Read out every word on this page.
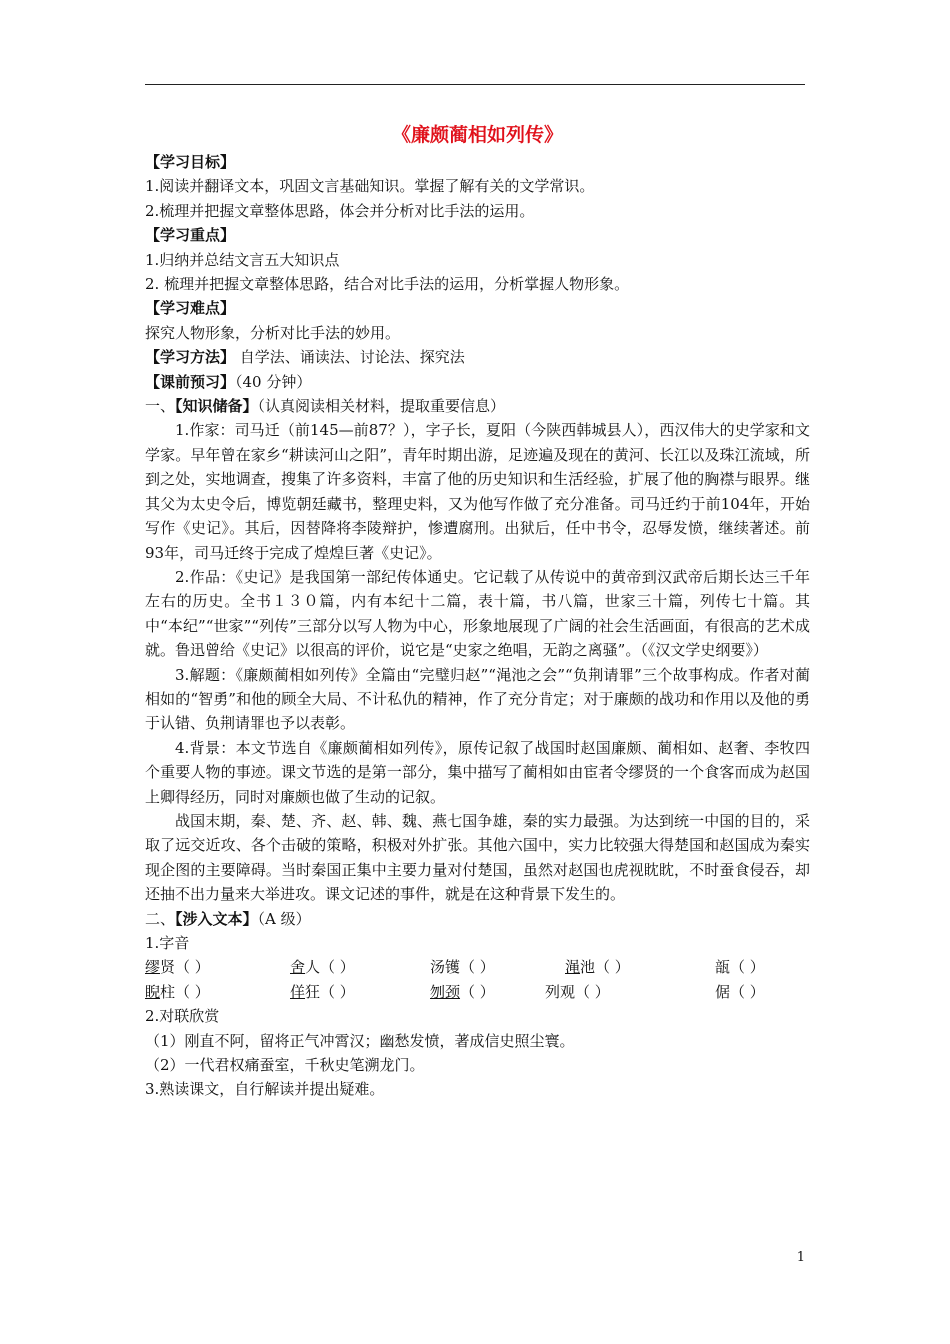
《廉颇蔺相如列传》

【学习目标】

1.阅读并翻译文本，巩固文言基础知识。掌握了解有关的文学常识。

2.梳理并把握文章整体思路，体会并分析对比手法的运用。

【学习重点】

1.归纳并总结文言五大知识点

2. 梳理并把握文章整体思路，结合对比手法的运用，分析掌握人物形象。

【学习难点】

探究人物形象，分析对比手法的妙用。

【学习方法】 自学法、诵读法、讨论法、探究法

【课前预习】（40 分钟）

一、【知识储备】（认真阅读相关材料，提取重要信息）

1.作家：司马迁（前145—前87？），字子长，夏阳（今陕西韩城县人），西汉伟大的史学家和文学家。早年曾在家乡“耕读河山之阳”，青年时期出游，足迹遍及现在的黄河、长江以及珠江流域，所到之处，实地调查，搜集了许多资料，丰富了他的历史知识和生活经验，扩展了他的胸襟与眼界。继其父为太史令后，博览朝廷藏书，整理史料，又为他写作做了充分准备。司马迁约于前104年，开始写作《史记》。其后，因替降将李陵辩护，惨遭腐刑。出狱后，任中书令，忍辱发愤，继续著述。前93年，司马迁终于完成了煌煌巨著《史记》。

2.作品：《史记》是我国第一部纪传体通史。它记载了从传说中的黄帝到汉武帝后期长达三千年左右的历史。全书１３０篇，内有本纪十二篇，表十篇，书八篇，世家三十篇，列传七十篇。其中“本纪”“世家”“列传”三部分以写人物为中心，形象地展现了广阔的社会生活画面，有很高的艺术成就。鲁迅曾给《史记》以很高的评价，说它是“史家之绝唱，无韵之离骚”。（《汉文学史纲要》）

3.解题：《廉颇蔺相如列传》全篇由“完璧归赵”“渑池之会”“负荆请罪”三个故事构成。作者对蔺相如的“智勇”和他的顾全大局、不计私仇的精神，作了充分肯定；对于廉颇的战功和作用以及他的勇于认错、负荆请罪也予以表彰。

4.背景：本文节选自《廉颇蔺相如列传》，原传记叙了战国时赵国廉颇、蔺相如、赵奢、李牧四个重要人物的事迹。课文节选的是第一部分，集中描写了蔺相如由宦者令缪贤的一个食客而成为赵国上卿得经历，同时对廉颇也做了生动的记叙。

战国末期，秦、楚、齐、赵、韩、魏、燕七国争雄，秦的实力最强。为达到统一中国的目的，采取了远交近攻、各个击破的策略，积极对外扩张。其他六国中，实力比较强大得楚国和赵国成为秦实现企图的主要障碍。当时秦国正集中主要力量对付楚国，虽然对赵国也虎视眈眈，不时蚕食侵吞，却还抽不出力量来大举进攻。课文记述的事件，就是在这种背景下发生的。

二、【涉入文本】（A 级）

1.字音

缪贤（ ）	舍人（ ）	汤镬（ ）	渑池（ ）	瓿（ ）
睨柱（ ）	佯狂（ ）	刎颈（ ）	列观（ ）	倨（ ）

2.对联欣赏

（1）刚直不阿，留将正气冲霄汉；幽愁发愤，著成信史照尘寰。

（2）一代君权痛蚕室，千秋史笔溯龙门。

3.熟读课文，自行解读并提出疑难。

1
